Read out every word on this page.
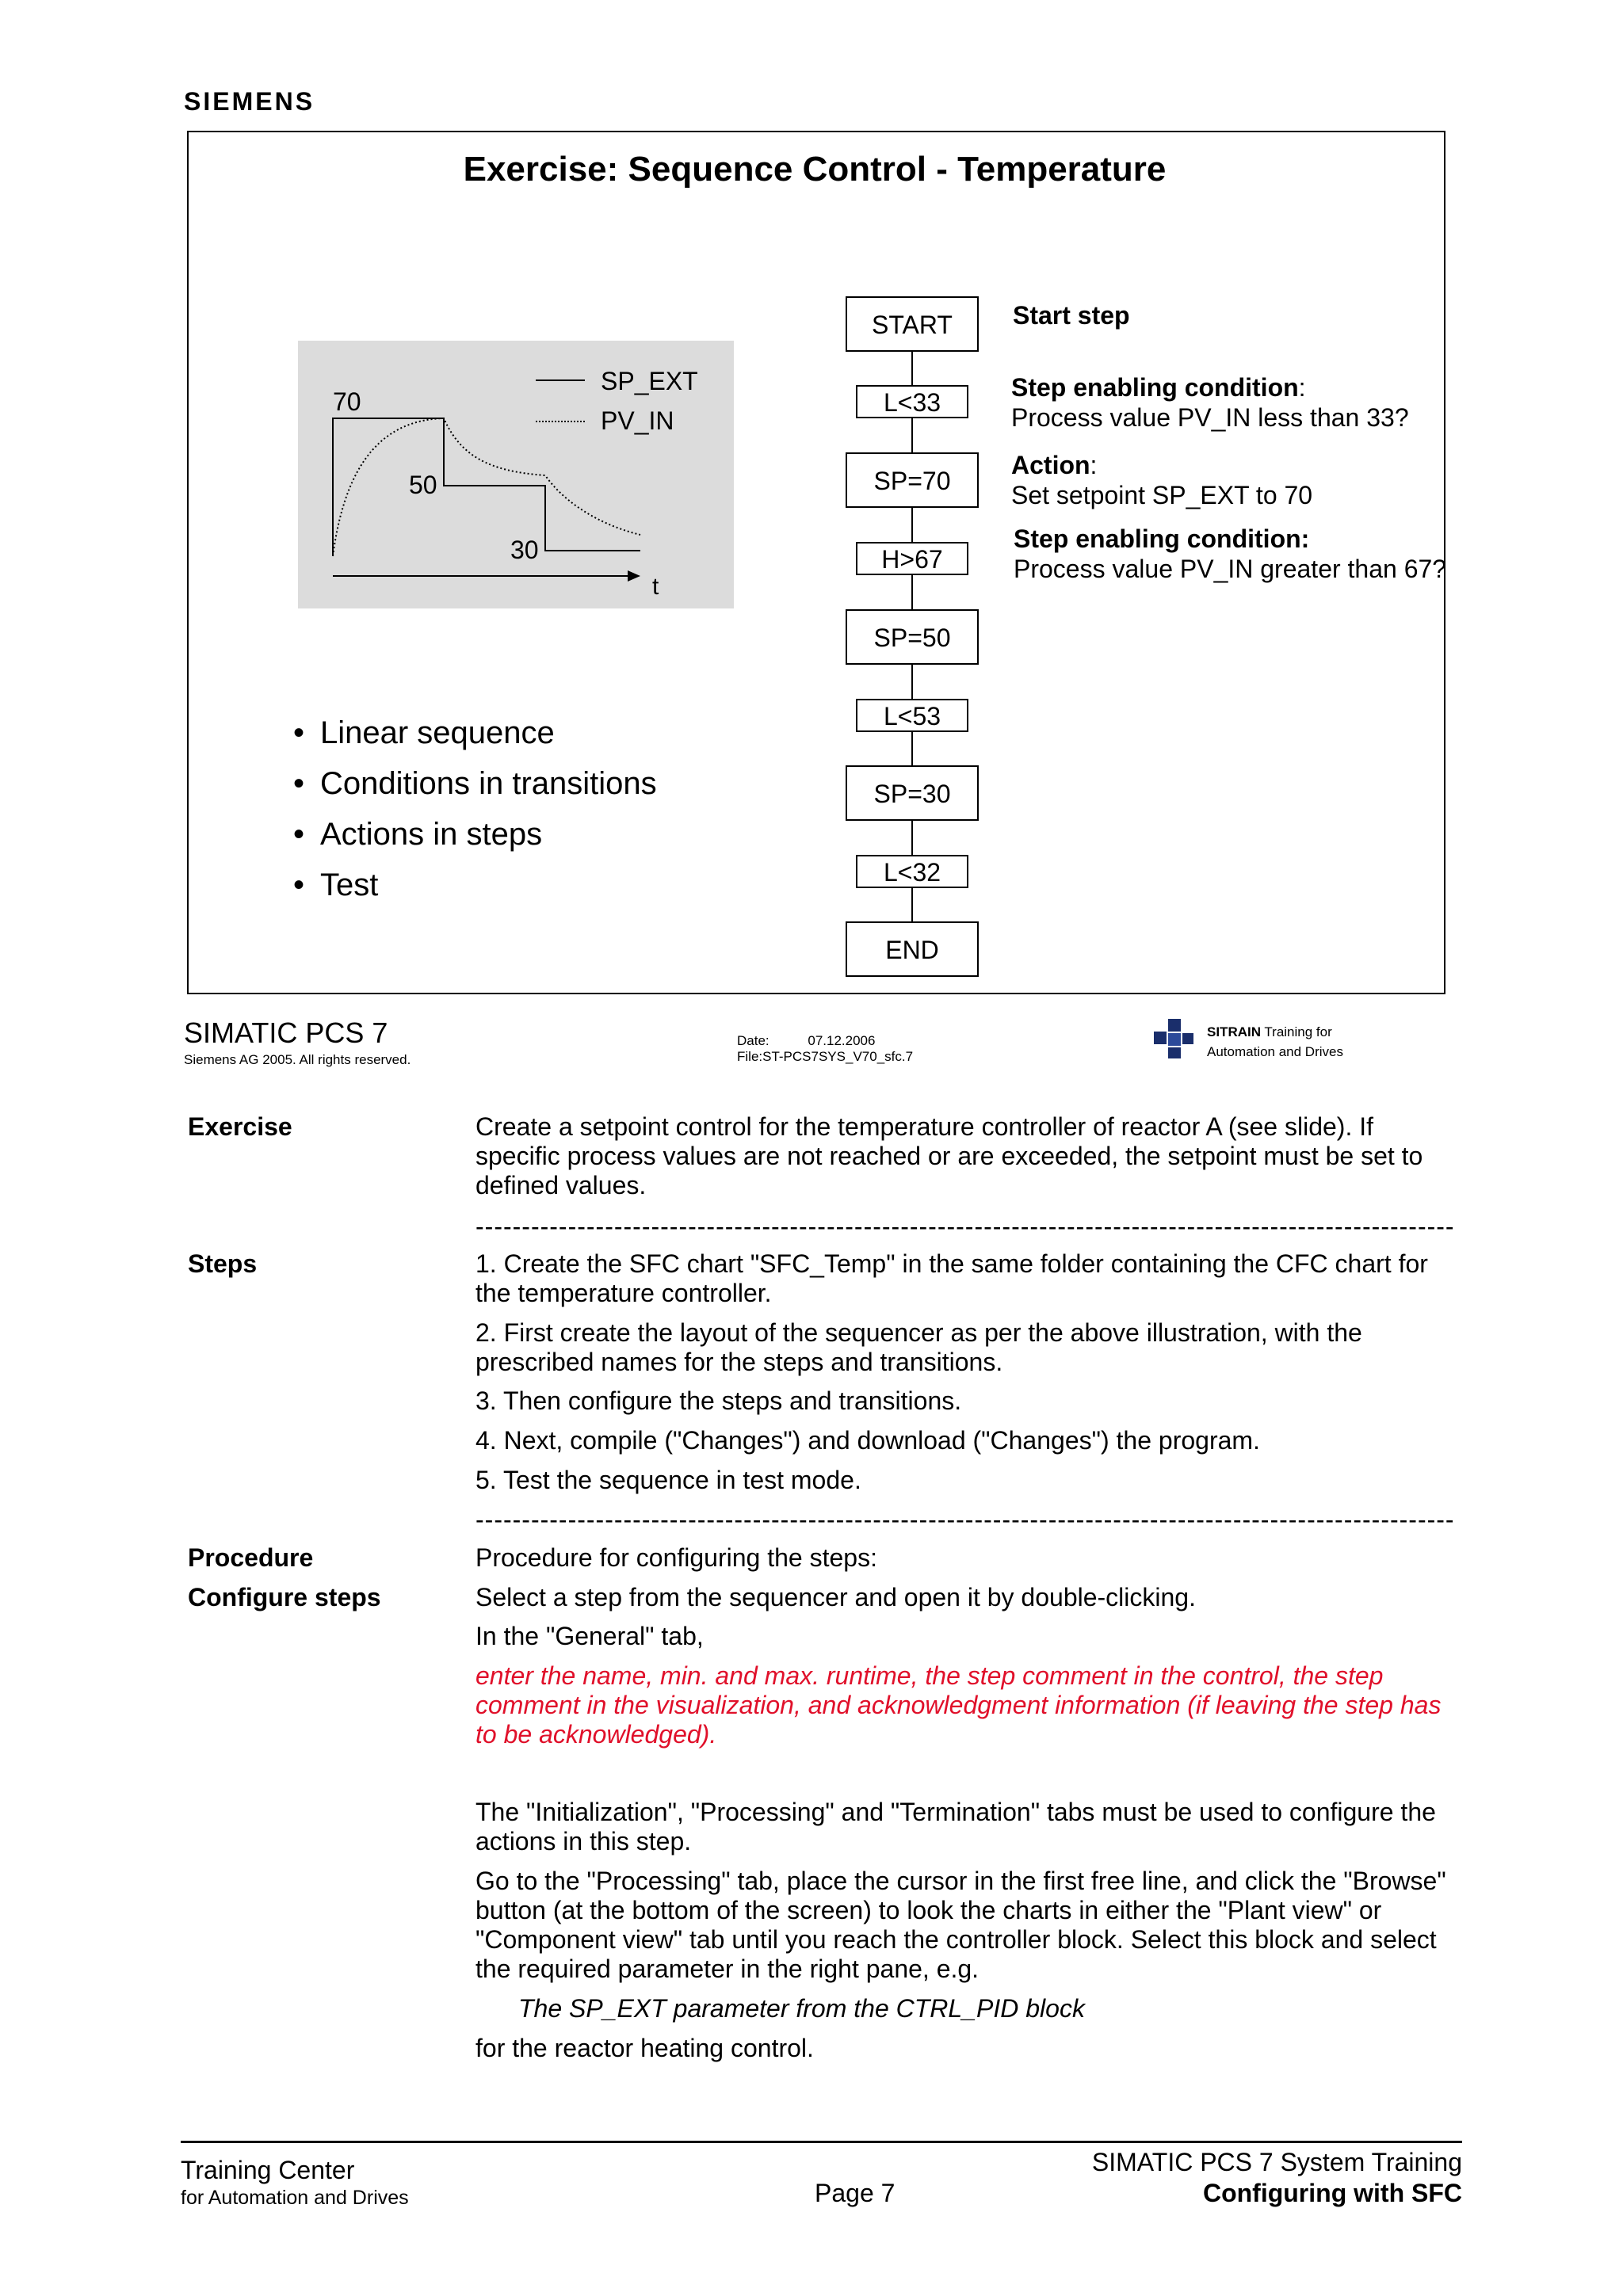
SIEMENS
Exercise: Sequence Control - Temperature
SP_EXT
PV_IN
70
50
30
t
• Linear sequence
• Conditions in transitions
• Actions in steps
• Test
START
L<33
SP=70
H>67
SP=50
L<53
SP=30
L<32
END
Start step
Step enabling condition:
Process value PV_IN less than 33?
Action:
Set setpoint SP_EXT to 70
Step enabling condition:
Process value PV_IN greater than 67?
SIMATIC PCS 7
Siemens AG 2005. All rights reserved.
Date:	07.12.2006
File:ST-PCS7SYS_V70_sfc.7
SITRAIN Training for
Automation and Drives
Exercise	Create a setpoint control for the temperature controller of reactor A (see slide). If specific process values are not reached or are exceeded, the setpoint must be set to defined values.
----------------------------------------------------------------------------------------------------------
Steps	1. Create the SFC chart "SFC_Temp" in the same folder containing the CFC chart for the temperature controller.
2. First create the layout of the sequencer as per the above illustration, with the prescribed names for the steps and transitions.
3. Then configure the steps and transitions.
4. Next, compile ("Changes") and download ("Changes") the program.
5. Test the sequence in test mode.
----------------------------------------------------------------------------------------------------------
Procedure	Procedure for configuring the steps:
Configure steps	Select a step from the sequencer and open it by double-clicking.
In the "General" tab,
enter the name, min. and max. runtime, the step comment in the control, the step comment in the visualization, and acknowledgment information (if leaving the step has to be acknowledged).
The "Initialization", "Processing" and "Termination" tabs must be used to configure the actions in this step.
Go to the "Processing" tab, place the cursor in the first free line, and click the "Browse" button (at the bottom of the screen) to look the charts in either the "Plant view" or "Component view" tab until you reach the controller block. Select this block and select the required parameter in the right pane, e.g.
The SP_EXT parameter from the CTRL_PID block
for the reactor heating control.
Training Center
for Automation and Drives	Page 7
SIMATIC PCS 7 System Training
Configuring with SFC
